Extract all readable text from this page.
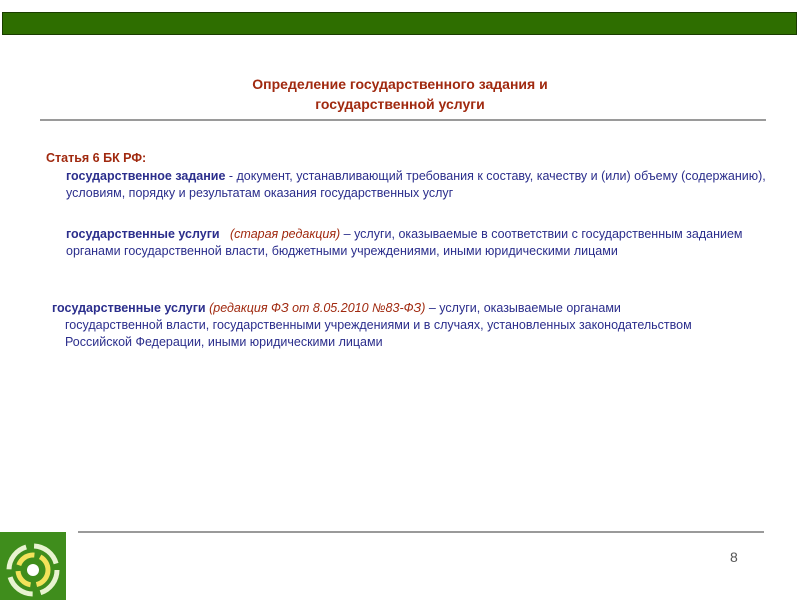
Определение государственного задания и
государственной услуги
Статья 6 БК РФ:
государственное задание - документ, устанавливающий требования к составу, качеству и (или) объему (содержанию), условиям, порядку и результатам оказания государственных услуг
государственные услуги (старая редакция) – услуги, оказываемые в соответствии с государственным заданием органами государственной власти, бюджетными учреждениями, иными юридическими лицами
государственные услуги (редакция ФЗ от 8.05.2010 №83-ФЗ) – услуги, оказываемые органами
государственной власти, государственными учреждениями и в случаях, установленных законодательством Российской Федерации, иными юридическими лицами
8
